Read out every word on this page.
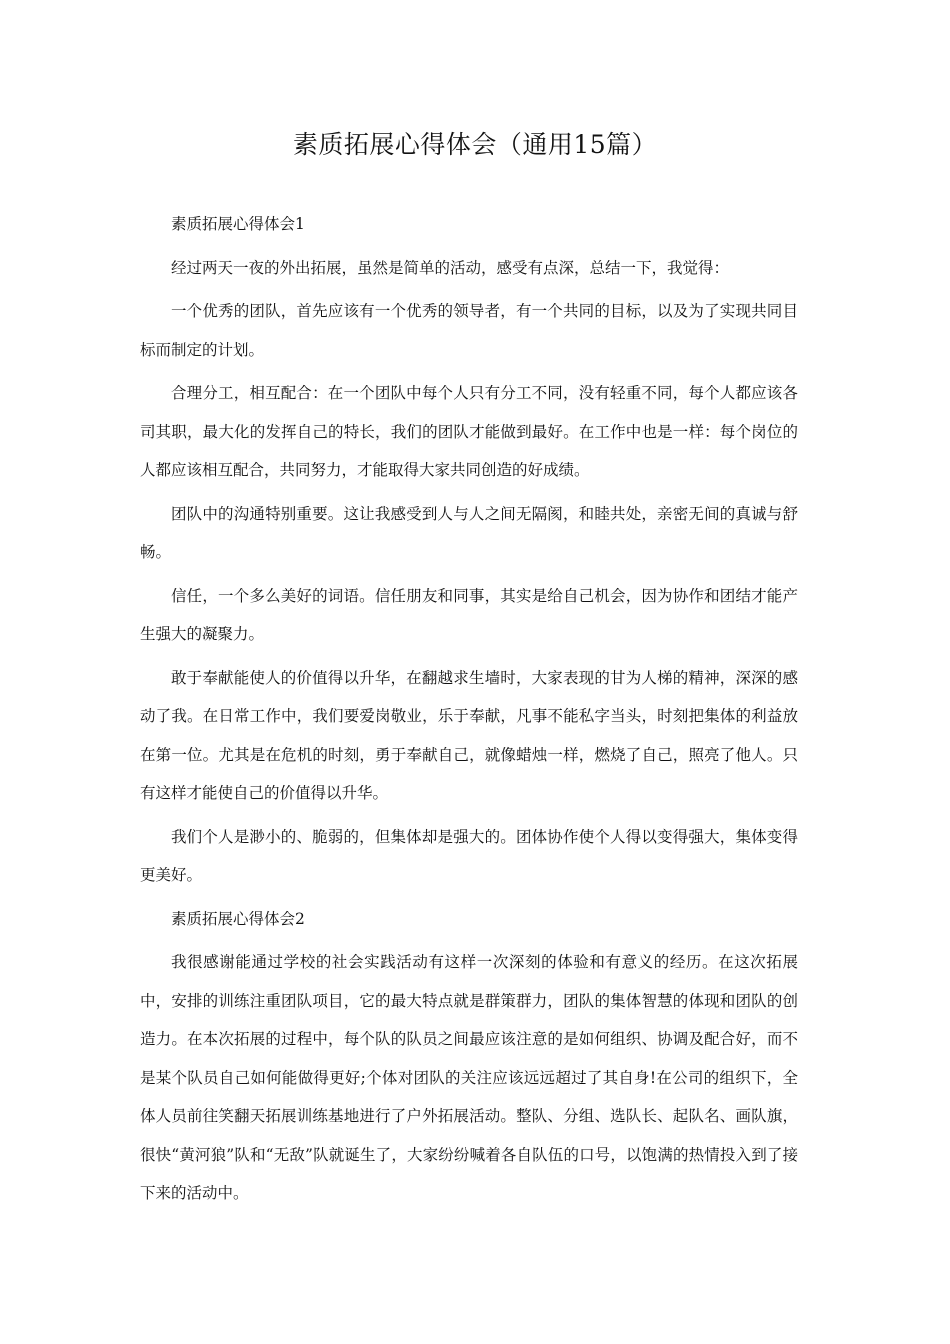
素质拓展心得体会（通用15篇）

素质拓展心得体会1

经过两天一夜的外出拓展，虽然是简单的活动，感受有点深，总结一下，我觉得：

一个优秀的团队，首先应该有一个优秀的领导者，有一个共同的目标，以及为了实现共同目标而制定的计划。

合理分工，相互配合：在一个团队中每个人只有分工不同，没有轻重不同，每个人都应该各司其职，最大化的发挥自己的特长，我们的团队才能做到最好。在工作中也是一样：每个岗位的人都应该相互配合，共同努力，才能取得大家共同创造的好成绩。

团队中的沟通特别重要。这让我感受到人与人之间无隔阂，和睦共处，亲密无间的真诚与舒畅。

信任，一个多么美好的词语。信任朋友和同事，其实是给自己机会，因为协作和团结才能产生强大的凝聚力。

敢于奉献能使人的价值得以升华，在翻越求生墙时，大家表现的甘为人梯的精神，深深的感动了我。在日常工作中，我们要爱岗敬业，乐于奉献，凡事不能私字当头，时刻把集体的利益放在第一位。尤其是在危机的时刻，勇于奉献自己，就像蜡烛一样，燃烧了自己，照亮了他人。只有这样才能使自己的价值得以升华。

我们个人是渺小的、脆弱的，但集体却是强大的。团体协作使个人得以变得强大，集体变得更美好。

素质拓展心得体会2

我很感谢能通过学校的社会实践活动有这样一次深刻的体验和有意义的经历。在这次拓展中，安排的训练注重团队项目，它的最大特点就是群策群力，团队的集体智慧的体现和团队的创造力。在本次拓展的过程中，每个队的队员之间最应该注意的是如何组织、协调及配合好，而不是某个队员自己如何能做得更好;个体对团队的关注应该远远超过了其自身!在公司的组织下，全体人员前往笑翻天拓展训练基地进行了户外拓展活动。整队、分组、选队长、起队名、画队旗，很快“黄河狼”队和“无敌”队就诞生了，大家纷纷喊着各自队伍的口号，以饱满的热情投入到了接下来的活动中。
